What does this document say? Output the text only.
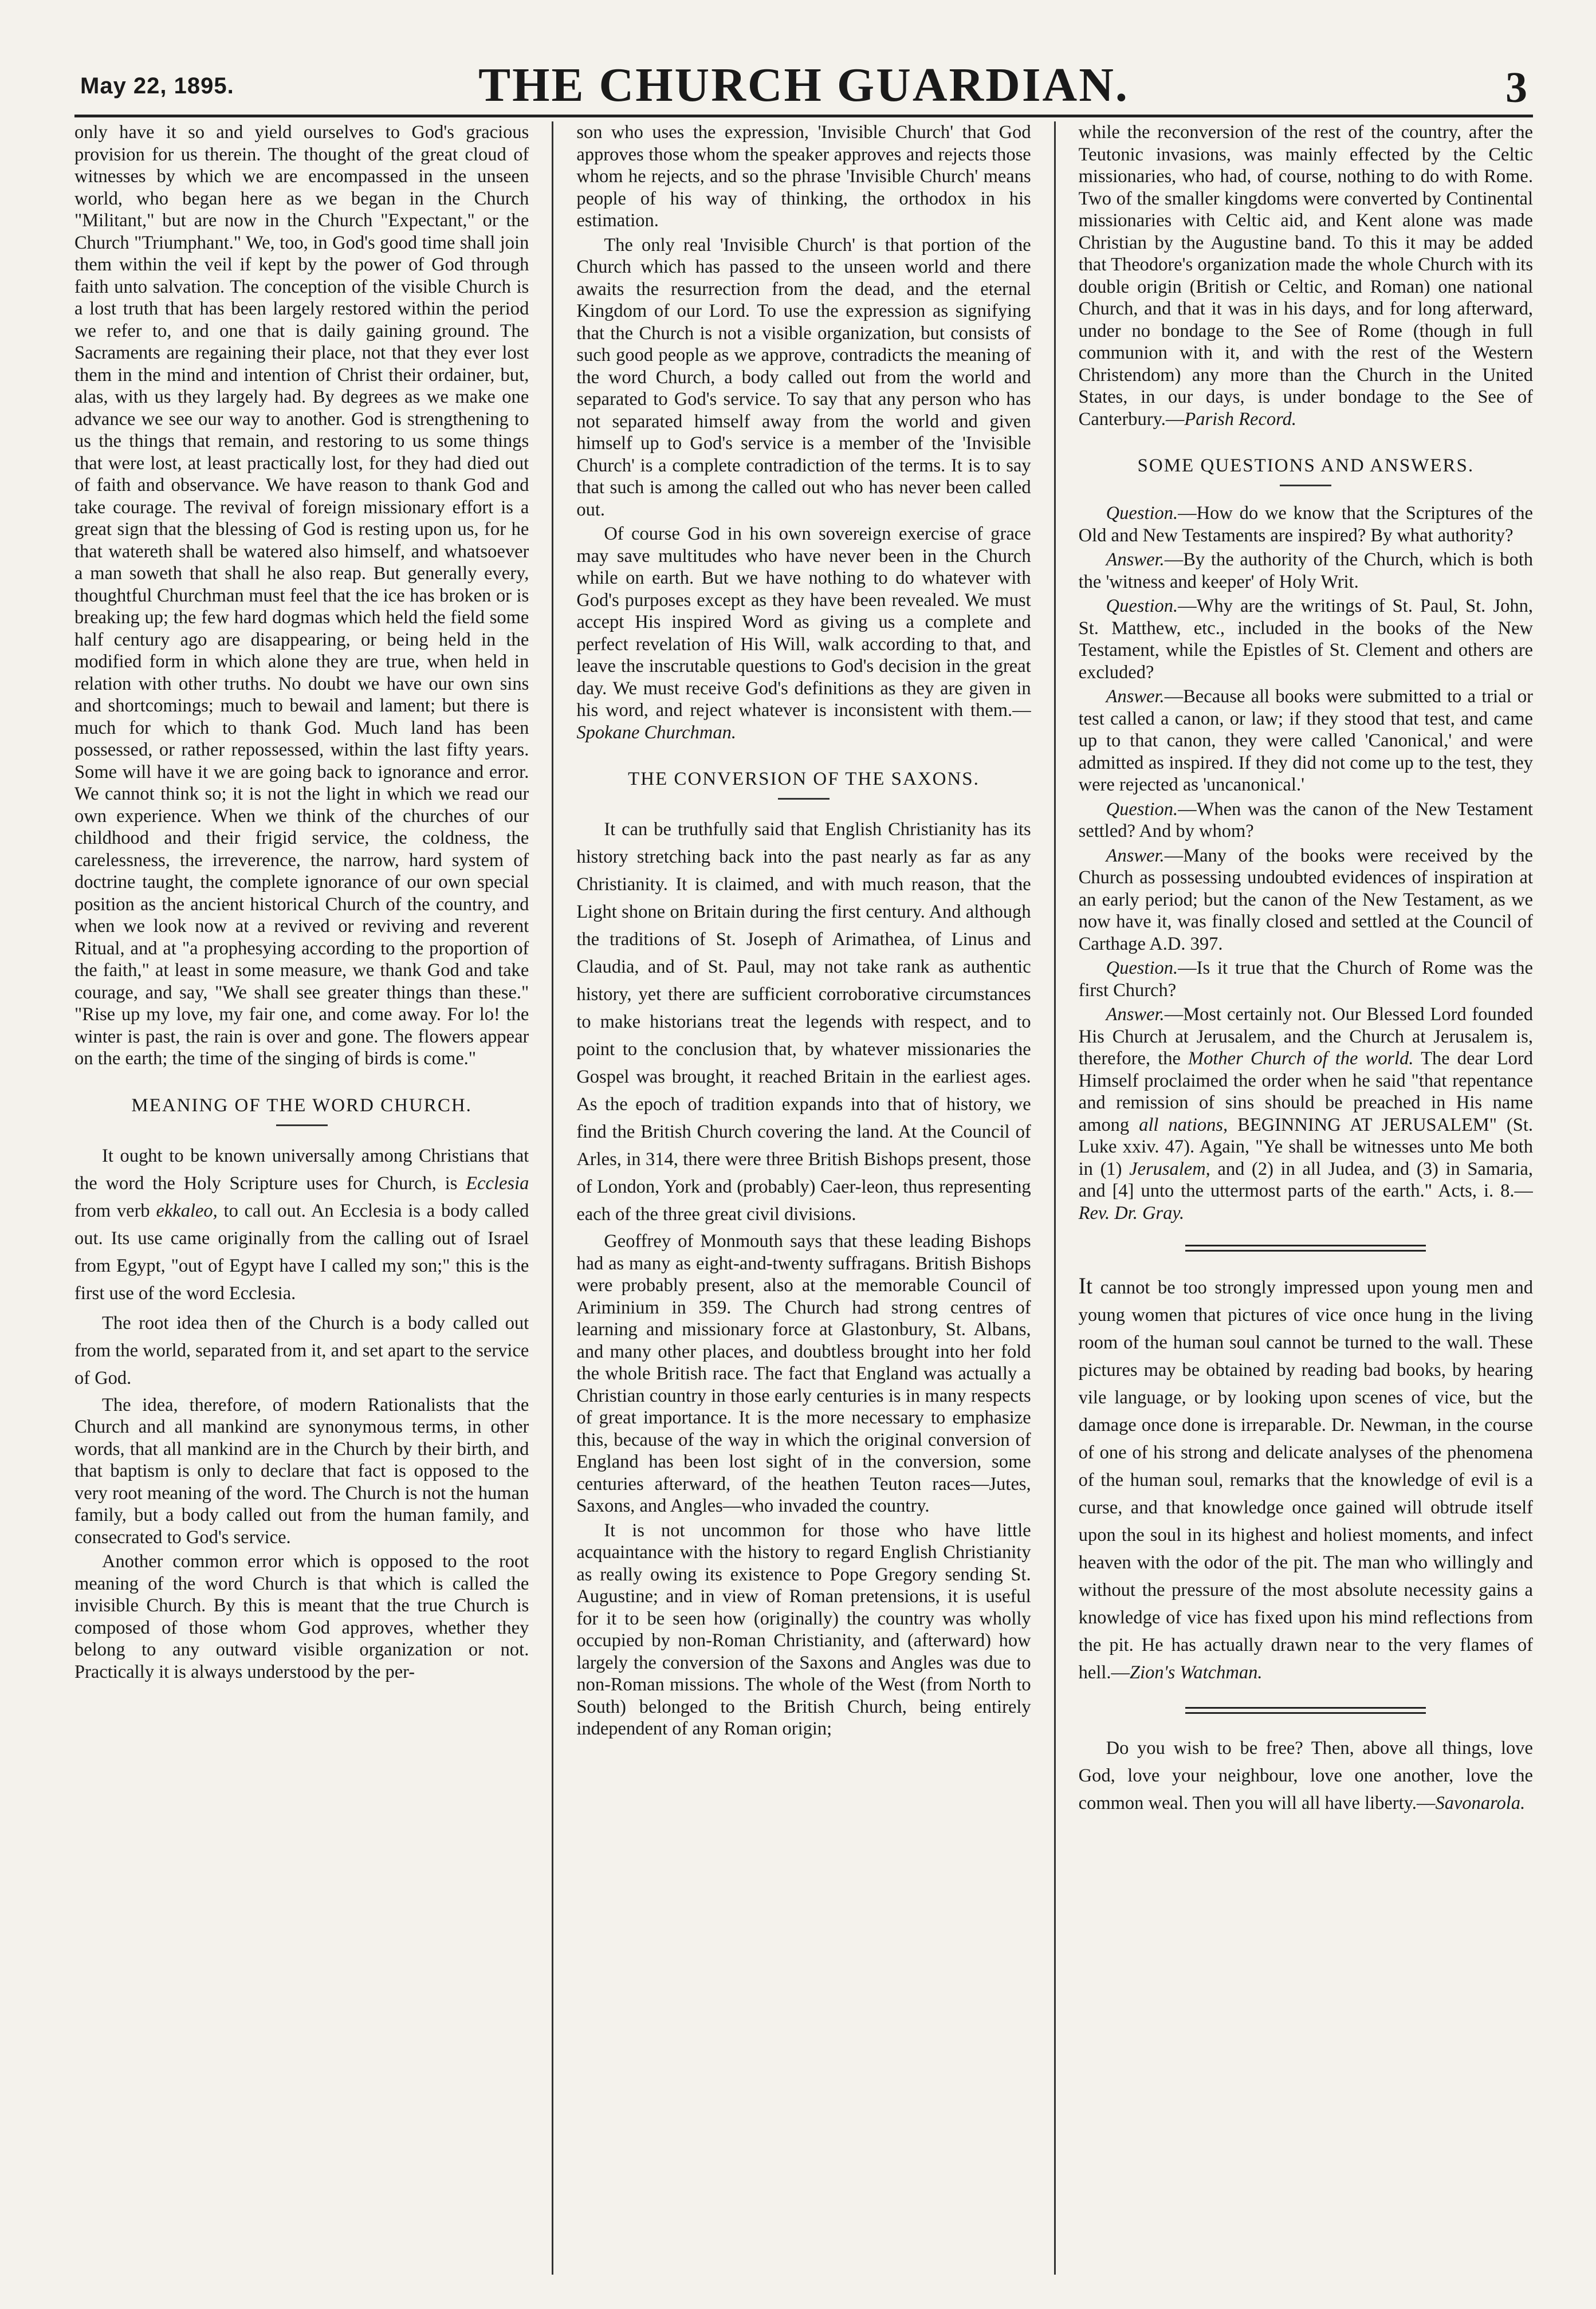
May 22, 1895.	THE CHURCH GUARDIAN.	3

only have it so and yield ourselves to God's gracious provision for us therein. The thought of the great cloud of witnesses by which we are encompassed in the unseen world, who began here as we began in the Church "Militant," but are now in the Church "Expectant," or the Church "Triumphant." We, too, in God's good time shall join them within the veil if kept by the power of God through faith unto salvation. The conception of the visible Church is a lost truth that has been largely restored within the period we refer to, and one that is daily gaining ground. The Sacraments are regaining their place, not that they ever lost them in the mind and intention of Christ their ordainer, but, alas, with us they largely had. By degrees as we make one advance we see our way to another. God is strengthening to us the things that remain, and restoring to us some things that were lost, at least practically lost, for they had died out of faith and observance. We have reason to thank God and take courage. The revival of foreign missionary effort is a great sign that the blessing of God is resting upon us, for he that watereth shall be watered also himself, and whatsoever a man soweth that shall he also reap. But generally every, thoughtful Churchman must feel that the ice has broken or is breaking up; the few hard dogmas which held the field some half century ago are disappearing, or being held in the modified form in which alone they are true, when held in relation with other truths. No doubt we have our own sins and shortcomings; much to bewail and lament; but there is much for which to thank God. Much land has been possessed, or rather repossessed, within the last fifty years. Some will have it we are going back to ignorance and error. We cannot think so; it is not the light in which we read our own experience. When we think of the churches of our childhood and their frigid service, the coldness, the carelessness, the irreverence, the narrow, hard system of doctrine taught, the complete ignorance of our own special position as the ancient historical Church of the country, and when we look now at a revived or reviving and reverent Ritual, and at "a prophesying according to the proportion of the faith," at least in some measure, we thank God and take courage, and say, "We shall see greater things than these." "Rise up my love, my fair one, and come away. For lo! the winter is past, the rain is over and gone. The flowers appear on the earth; the time of the singing of birds is come."

MEANING OF THE WORD CHURCH.

It ought to be known universally among Christians that the word the Holy Scripture uses for Church, is Ecclesia from verb ekkaleo, to call out. An Ecclesia is a body called out. Its use came originally from the calling out of Israel from Egypt, "out of Egypt have I called my son;" this is the first use of the word Ecclesia.

The root idea then of the Church is a body called out from the world, separated from it, and set apart to the service of God.

The idea, therefore, of modern Rationalists that the Church and all mankind are synonymous terms, in other words, that all mankind are in the Church by their birth, and that baptism is only to declare that fact is opposed to the very root meaning of the word. The Church is not the human family, but a body called out from the human family, and consecrated to God's service.

Another common error which is opposed to the root meaning of the word Church is that which is called the invisible Church. By this is meant that the true Church is composed of those whom God approves, whether they belong to any outward visible organization or not. Practically it is always understood by the per-

son who uses the expression, 'Invisible Church' that God approves those whom the speaker approves and rejects those whom he rejects, and so the phrase 'Invisible Church' means people of his way of thinking, the orthodox in his estimation.

The only real 'Invisible Church' is that portion of the Church which has passed to the unseen world and there awaits the resurrection from the dead, and the eternal Kingdom of our Lord. To use the expression as signifying that the Church is not a visible organization, but consists of such good people as we approve, contradicts the meaning of the word Church, a body called out from the world and separated to God's service. To say that any person who has not separated himself away from the world and given himself up to God's service is a member of the 'Invisible Church' is a complete contradiction of the terms. It is to say that such is among the called out who has never been called out.

Of course God in his own sovereign exercise of grace may save multitudes who have never been in the Church while on earth. But we have nothing to do whatever with God's purposes except as they have been revealed. We must accept His inspired Word as giving us a complete and perfect revelation of His Will, walk according to that, and leave the inscrutable questions to God's decision in the great day. We must receive God's definitions as they are given in his word, and reject whatever is inconsistent with them.—Spokane Churchman.

THE CONVERSION OF THE SAXONS.

It can be truthfully said that English Christianity has its history stretching back into the past nearly as far as any Christianity. It is claimed, and with much reason, that the Light shone on Britain during the first century. And although the traditions of St. Joseph of Arimathea, of Linus and Claudia, and of St. Paul, may not take rank as authentic history, yet there are sufficient corroborative circumstances to make historians treat the legends with respect, and to point to the conclusion that, by whatever missionaries the Gospel was brought, it reached Britain in the earliest ages. As the epoch of tradition expands into that of history, we find the British Church covering the land. At the Council of Arles, in 314, there were three British Bishops present, those of London, York and (probably) Caer-leon, thus representing each of the three great civil divisions.

Geoffrey of Monmouth says that these leading Bishops had as many as eight-and-twenty suffragans. British Bishops were probably present, also at the memorable Council of Ariminium in 359. The Church had strong centres of learning and missionary force at Glastonbury, St. Albans, and many other places, and doubtless brought into her fold the whole British race. The fact that England was actually a Christian country in those early centuries is in many respects of great importance. It is the more necessary to emphasize this, because of the way in which the original conversion of England has been lost sight of in the conversion, some centuries afterward, of the heathen Teuton races—Jutes, Saxons, and Angles—who invaded the country.

It is not uncommon for those who have little acquaintance with the history to regard English Christianity as really owing its existence to Pope Gregory sending St. Augustine; and in view of Roman pretensions, it is useful for it to be seen how (originally) the country was wholly occupied by non-Roman Christianity, and (afterward) how largely the conversion of the Saxons and Angles was due to non-Roman missions. The whole of the West (from North to South) belonged to the British Church, being entirely independent of any Roman origin;

while the reconversion of the rest of the country, after the Teutonic invasions, was mainly effected by the Celtic missionaries, who had, of course, nothing to do with Rome. Two of the smaller kingdoms were converted by Continental missionaries with Celtic aid, and Kent alone was made Christian by the Augustine band. To this it may be added that Theodore's organization made the whole Church with its double origin (British or Celtic, and Roman) one national Church, and that it was in his days, and for long afterward, under no bondage to the See of Rome (though in full communion with it, and with the rest of the Western Christendom) any more than the Church in the United States, in our days, is under bondage to the See of Canterbury.—Parish Record.

SOME QUESTIONS AND ANSWERS.

Question.—How do we know that the Scriptures of the Old and New Testaments are inspired? By what authority?

Answer.—By the authority of the Church, which is both the 'witness and keeper' of Holy Writ.

Question.—Why are the writings of St. Paul, St. John, St. Matthew, etc., included in the books of the New Testament, while the Epistles of St. Clement and others are excluded?

Answer.—Because all books were submitted to a trial or test called a canon, or law; if they stood that test, and came up to that canon, they were called 'Canonical,' and were admitted as inspired. If they did not come up to the test, they were rejected as 'uncanonical.'

Question.—When was the canon of the New Testament settled? And by whom?

Answer.—Many of the books were received by the Church as possessing undoubted evidences of inspiration at an early period; but the canon of the New Testament, as we now have it, was finally closed and settled at the Council of Carthage A.D. 397.

Question.—Is it true that the Church of Rome was the first Church?

Answer.—Most certainly not. Our Blessed Lord founded His Church at Jerusalem, and the Church at Jerusalem is, therefore, the Mother Church of the world. The dear Lord Himself proclaimed the order when he said "that repentance and remission of sins should be preached in His name among all nations, BEGINNING AT JERUSALEM" (St. Luke xxiv. 47). Again, "Ye shall be witnesses unto Me both in (1) Jerusalem, and (2) in all Judea, and (3) in Samaria, and [4] unto the uttermost parts of the earth." Acts, i. 8.—Rev. Dr. Gray.

It cannot be too strongly impressed upon young men and young women that pictures of vice once hung in the living room of the human soul cannot be turned to the wall. These pictures may be obtained by reading bad books, by hearing vile language, or by looking upon scenes of vice, but the damage once done is irreparable. Dr. Newman, in the course of one of his strong and delicate analyses of the phenomena of the human soul, remarks that the knowledge of evil is a curse, and that knowledge once gained will obtrude itself upon the soul in its highest and holiest moments, and infect heaven with the odor of the pit. The man who willingly and without the pressure of the most absolute necessity gains a knowledge of vice has fixed upon his mind reflections from the pit. He has actually drawn near to the very flames of hell.—Zion's Watchman.

Do you wish to be free? Then, above all things, love God, love your neighbour, love one another, love the common weal. Then you will all have liberty.—Savonarola.
